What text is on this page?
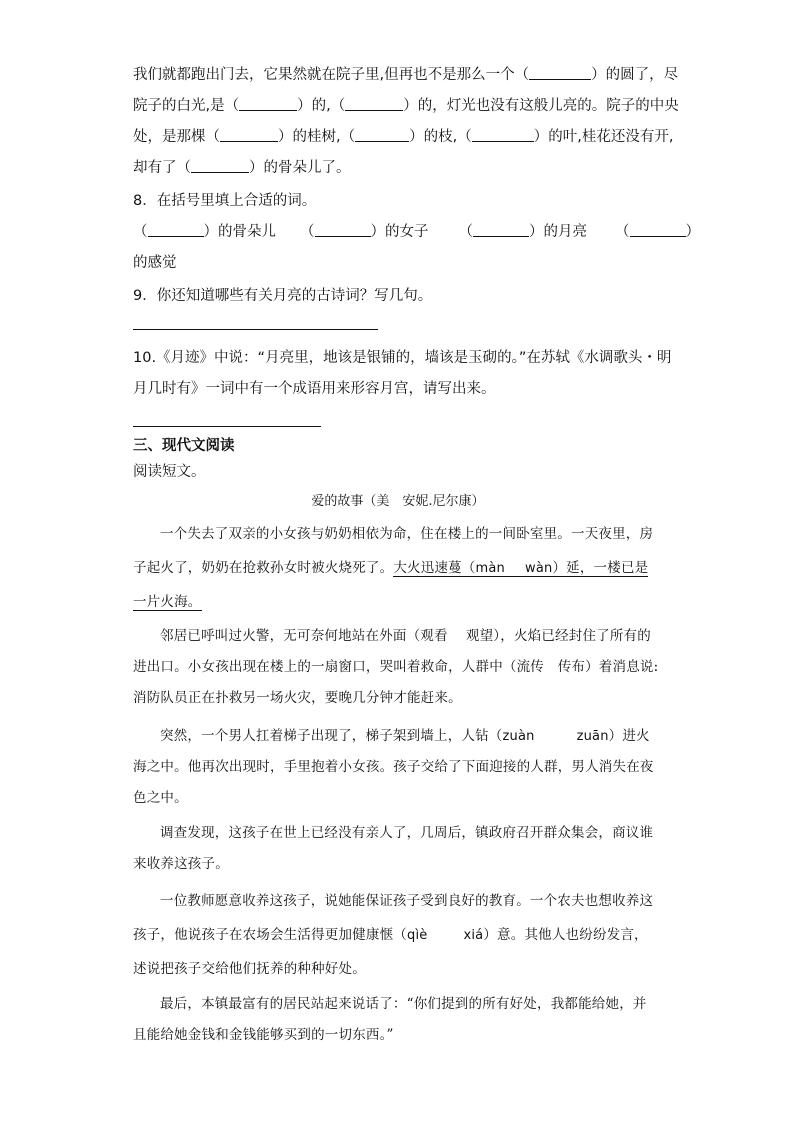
我们就都跑出门去，它果然就在院子里,但再也不是那么一个（	）的圆了，尽
院子的白光,是（	）的,（	）的，灯光也没有这般儿亮的。院子的中央
处，是那棵（	）的桂树,（	）的枝,（	）的叶,桂花还没有开,
却有了（	）的骨朵儿了。
8．在括号里填上合适的词。
（	）的骨朵儿 （	）的女子 （	）的月亮 （	）
的感觉
9．你还知道哪些有关月亮的古诗词？写几句。
10.《月迹》中说：“月亮里，地该是银铺的，墙该是玉砌的。”在苏轼《水调歌头・明
月几时有》一词中有一个成语用来形容月宫，请写出来。
三、现代文阅读
阅读短文。
爱的故事（美　安妮.尼尔康）
一个失去了双亲的小女孩与奶奶相依为命，住在楼上的一间卧室里。一天夜里，房
子起火了，奶奶在抢救孙女时被火烧死了。大火迅速蔓（màn wàn）延，一楼已是
一片火海。
邻居已呼叫过火警，无可奈何地站在外面（观看　 观望），火焰已经封住了所有的
进出口。小女孩出现在楼上的一扇窗口，哭叫着救命，人群中（流传　传布）着消息说:
消防队员正在扑救另一场火灾，要晚几分钟才能赶来。
突然，一个男人扛着梯子出现了，梯子架到墙上，人钻（zuàn	zuān）进火
海之中。他再次出现时，手里抱着小女孩。孩子交给了下面迎接的人群，男人消失在夜
色之中。
调查发现，这孩子在世上已经没有亲人了，几周后，镇政府召开群众集会，商议谁
来收养这孩子。
一位教师愿意收养这孩子，说她能保证孩子受到良好的教育。一个农夫也想收养这
孩子，他说孩子在农场会生活得更加健康惬（qìè	xiá）意。其他人也纷纷发言，
述说把孩子交给他们抚养的种种好处。
最后，本镇最富有的居民站起来说话了：“你们提到的所有好处，我都能给她，并
且能给她金钱和金钱能够买到的一切东西。”
